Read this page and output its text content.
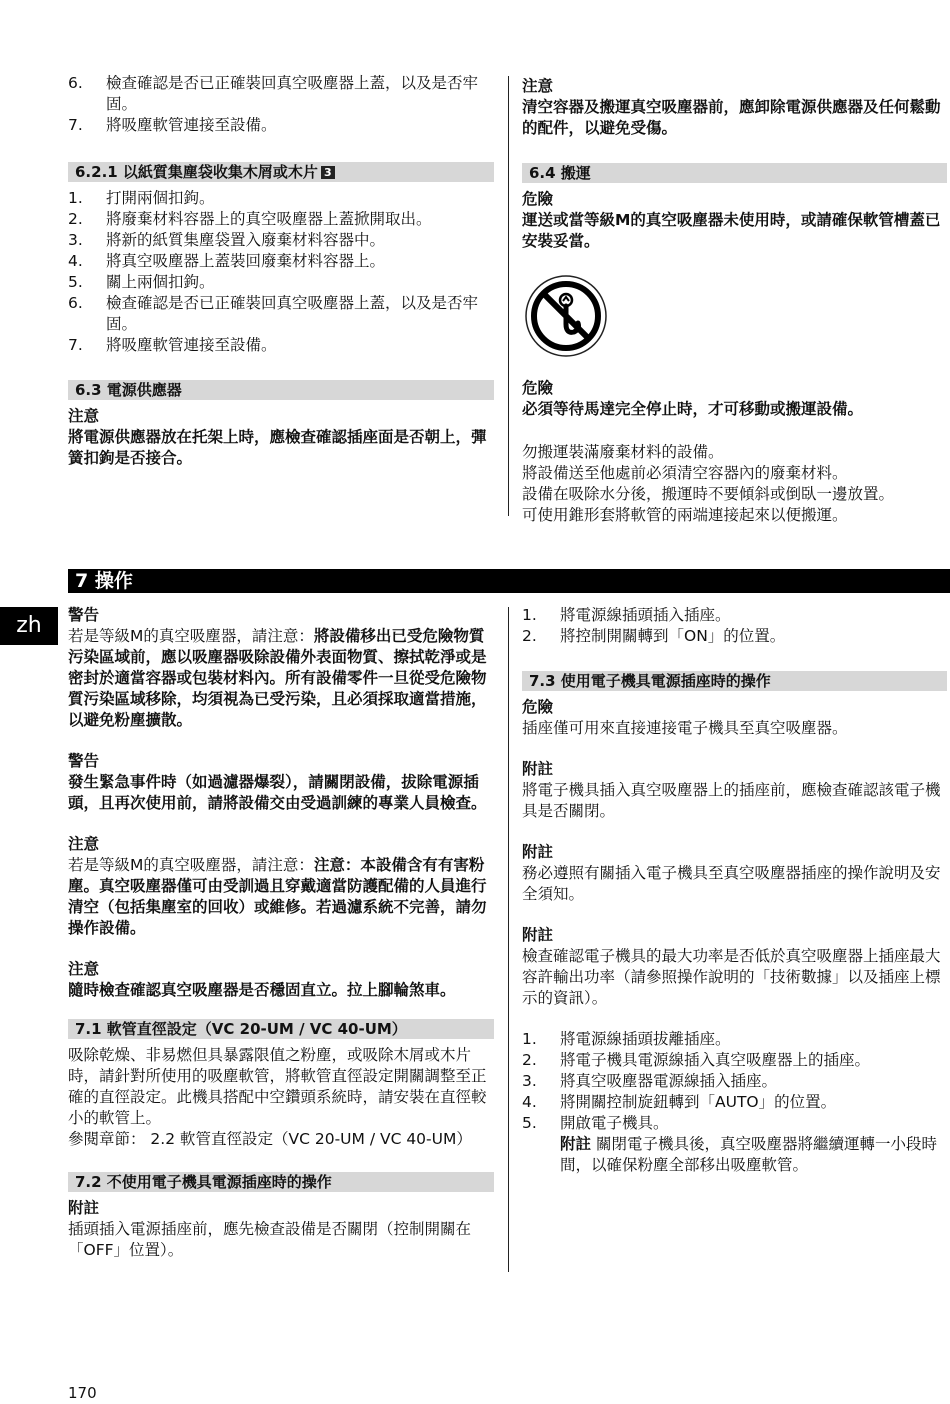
6.	檢查確認是否已正確裝回真空吸塵器上蓋，以及是否牢固。
7.	將吸塵軟管連接至設備。
6.2.1 以紙質集塵袋收集木屑或木片 3
1.	打開兩個扣鉤。
2.	將廢棄材料容器上的真空吸塵器上蓋掀開取出。
3.	將新的紙質集塵袋置入廢棄材料容器中。
4.	將真空吸塵器上蓋裝回廢棄材料容器上。
5.	關上兩個扣鉤。
6.	檢查確認是否已正確裝回真空吸塵器上蓋，以及是否牢固。
7.	將吸塵軟管連接至設備。
6.3 電源供應器

注意

將電源供應器放在托架上時，應檢查確認插座面是否朝上，彈簧扣鉤是否接合。

注意

清空容器及搬運真空吸塵器前，應卸除電源供應器及任何鬆動的配件，以避免受傷。

6.4 搬運

危險

運送或當等級M的真空吸塵器未使用時，或請確保軟管槽蓋已安裝妥當。

危險

必須等待馬達完全停止時，才可移動或搬運設備。

勿搬運裝滿廢棄材料的設備。

將設備送至他處前必須清空容器內的廢棄材料。

設備在吸除水分後，搬運時不要傾斜或倒臥一邊放置。

可使用錐形套將軟管的兩端連接起來以便搬運。

7 操作
zh	警告

若是等級M的真空吸塵器，請注意：將設備移出已受危險物質污染區域前，應以吸塵器吸除設備外表面物質、擦拭乾淨或是密封於適當容器或包裝材料內。所有設備零件一旦從受危險物質污染區域移除，均須視為已受污染，且必須採取適當措施，以避免粉塵擴散。

警告

發生緊急事件時（如過濾器爆裂），請關閉設備，拔除電源插頭，且再次使用前，請將設備交由受過訓練的專業人員檢查。

注意

若是等級M的真空吸塵器，請注意：注意：本設備含有有害粉塵。真空吸塵器僅可由受訓過且穿戴適當防護配備的人員進行清空（包括集塵室的回收）或維修。若過濾系統不完善，請勿操作設備。

注意

隨時檢查確認真空吸塵器是否穩固直立。拉上腳輪煞車。

7.1 軟管直徑設定（VC 20-UM / VC 40-UM）

吸除乾燥、非易燃但具暴露限值之粉塵，或吸除木屑或木片時，請針對所使用的吸塵軟管，將軟管直徑設定開關調整至正確的直徑設定。此機具搭配中空鑽頭系統時，請安裝在直徑較小的軟管上。

參閱章節： 2.2 軟管直徑設定（VC 20-UM / VC 40-UM）

7.2 不使用電子機具電源插座時的操作

附註

插頭插入電源插座前，應先檢查設備是否關閉（控制開關在「OFF」位置）。

1.	將電源線插頭插入插座。
2.	將控制開關轉到「ON」的位置。
7.3 使用電子機具電源插座時的操作

危險

插座僅可用來直接連接電子機具至真空吸塵器。

附註

將電子機具插入真空吸塵器上的插座前，應檢查確認該電子機具是否關閉。

附註

務必遵照有關插入電子機具至真空吸塵器插座的操作說明及安全須知。

附註

檢查確認電子機具的最大功率是否低於真空吸塵器上插座最大容許輸出功率（請參照操作說明的「技術數據」以及插座上標示的資訊）。

1.	將電源線插頭拔離插座。
2.	將電子機具電源線插入真空吸塵器上的插座。
3.	將真空吸塵器電源線插入插座。
4.	將開關控制旋鈕轉到「AUTO」的位置。
5.	開啟電子機具。
附註 關閉電子機具後，真空吸塵器將繼續運轉一小段時間，以確保粉塵全部移出吸塵軟管。
170
